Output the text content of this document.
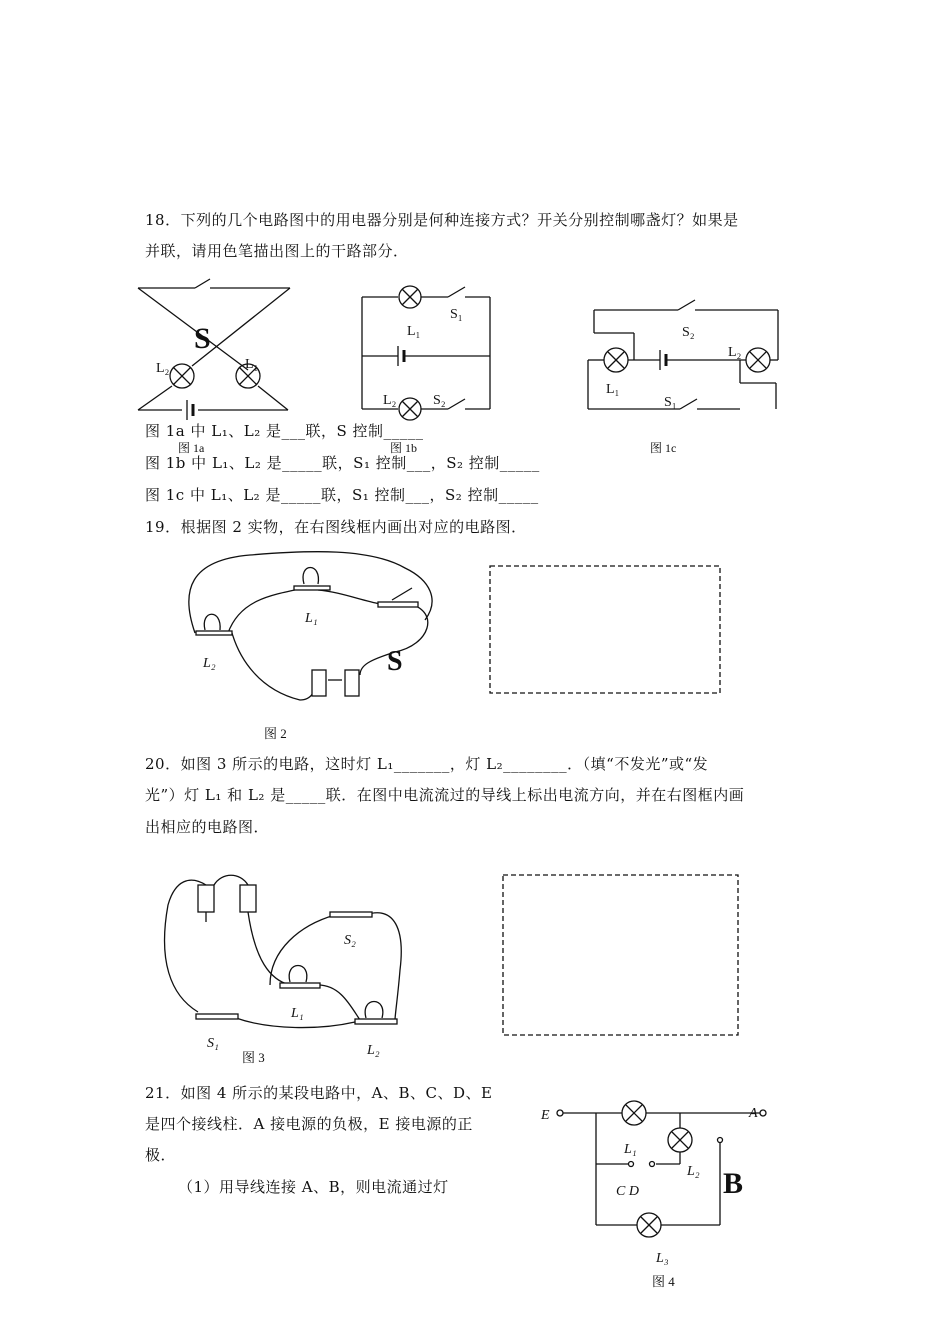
18．下列的几个电路图中的用电器分别是何种连接方式？开关分别控制哪盏灯？如果是
并联，请用色笔描出图上的干路部分．
S
L₂	L₁
图 1a
L₁
S₁
L₂	S₂
图 1b
S₂
L₂
L₁
S₁
图 1c
L₁
L₂	S
图 2
S₂
L₁
S₁
图 3	L₂
E	A
L₁
L₂
C D	B
L₃
图 4
图 1a 中 L₁、L₂ 是___联，S 控制_____
图 1b 中 L₁、L₂ 是_____联，S₁ 控制___，S₂ 控制_____
图 1c 中 L₁、L₂ 是_____联，S₁ 控制___，S₂ 控制_____
19．根据图 2 实物，在右图线框内画出对应的电路图．
20．如图 3 所示的电路，这时灯 L₁_______，灯 L₂________．（填“不发光”或“发
光”）灯 L₁ 和 L₂ 是_____联．在图中电流流过的导线上标出电流方向，并在右图框内画
出相应的电路图．
21．如图 4 所示的某段电路中，A、B、C、D、E
是四个接线柱．A 接电源的负极，E 接电源的正
极．
（1）用导线连接 A、B，则电流通过灯
